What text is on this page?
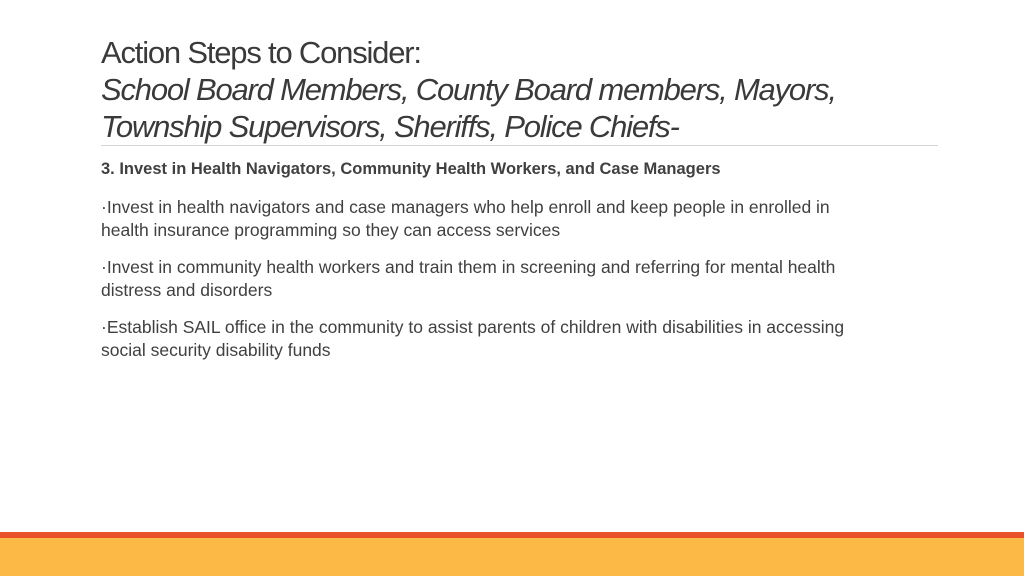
Action Steps to Consider:
School Board Members, County Board members, Mayors,
Township Supervisors, Sheriffs, Police Chiefs-
3. Invest in Health Navigators, Community Health Workers, and Case Managers
·Invest in health navigators and case managers who help enroll and keep people in enrolled in
health insurance programming so they can access services
·Invest in community health workers and train them in screening and referring for mental health
distress and disorders
·Establish SAIL office in the community to assist parents of children with disabilities in accessing
social security disability funds
